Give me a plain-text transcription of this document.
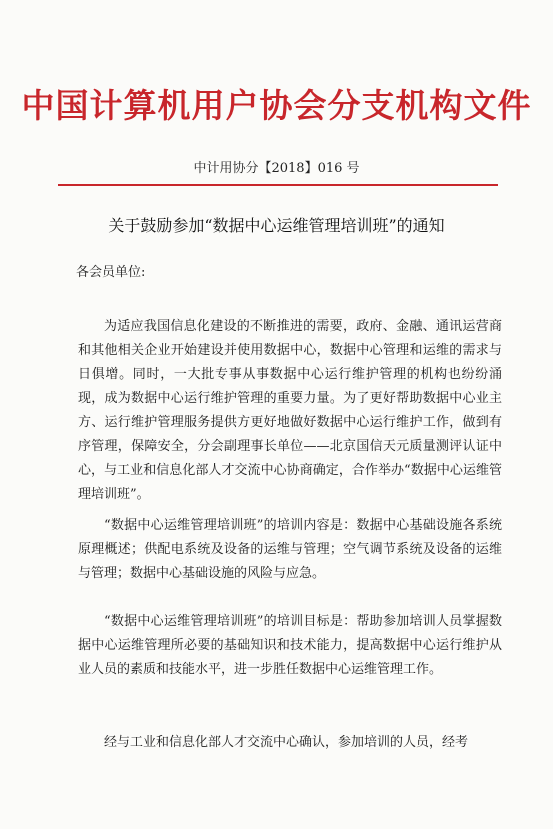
中国计算机用户协会分支机构文件
中计用协分【2018】016 号
关于鼓励参加“数据中心运维管理培训班”的通知
各会员单位:

为适应我国信息化建设的不断推进的需要，政府、金融、通讯运营商和其他相关企业开始建设并使用数据中心，数据中心管理和运维的需求与日俱增。同时，一大批专事从事数据中心运行维护管理的机构也纷纷涌现，成为数据中心运行维护管理的重要力量。为了更好帮助数据中心业主方、运行维护管理服务提供方更好地做好数据中心运行维护工作，做到有序管理，保障安全，分会副理事长单位——北京国信天元质量测评认证中心，与工业和信息化部人才交流中心协商确定，合作举办“数据中心运维管理培训班”。

“数据中心运维管理培训班”的培训内容是：数据中心基础设施各系统原理概述；供配电系统及设备的运维与管理；空气调节系统及设备的运维与管理；数据中心基础设施的风险与应急。

“数据中心运维管理培训班”的培训目标是：帮助参加培训人员掌握数据中心运维管理所必要的基础知识和技术能力，提高数据中心运行维护从业人员的素质和技能水平，进一步胜任数据中心运维管理工作。

经与工业和信息化部人才交流中心确认，参加培训的人员，经考
